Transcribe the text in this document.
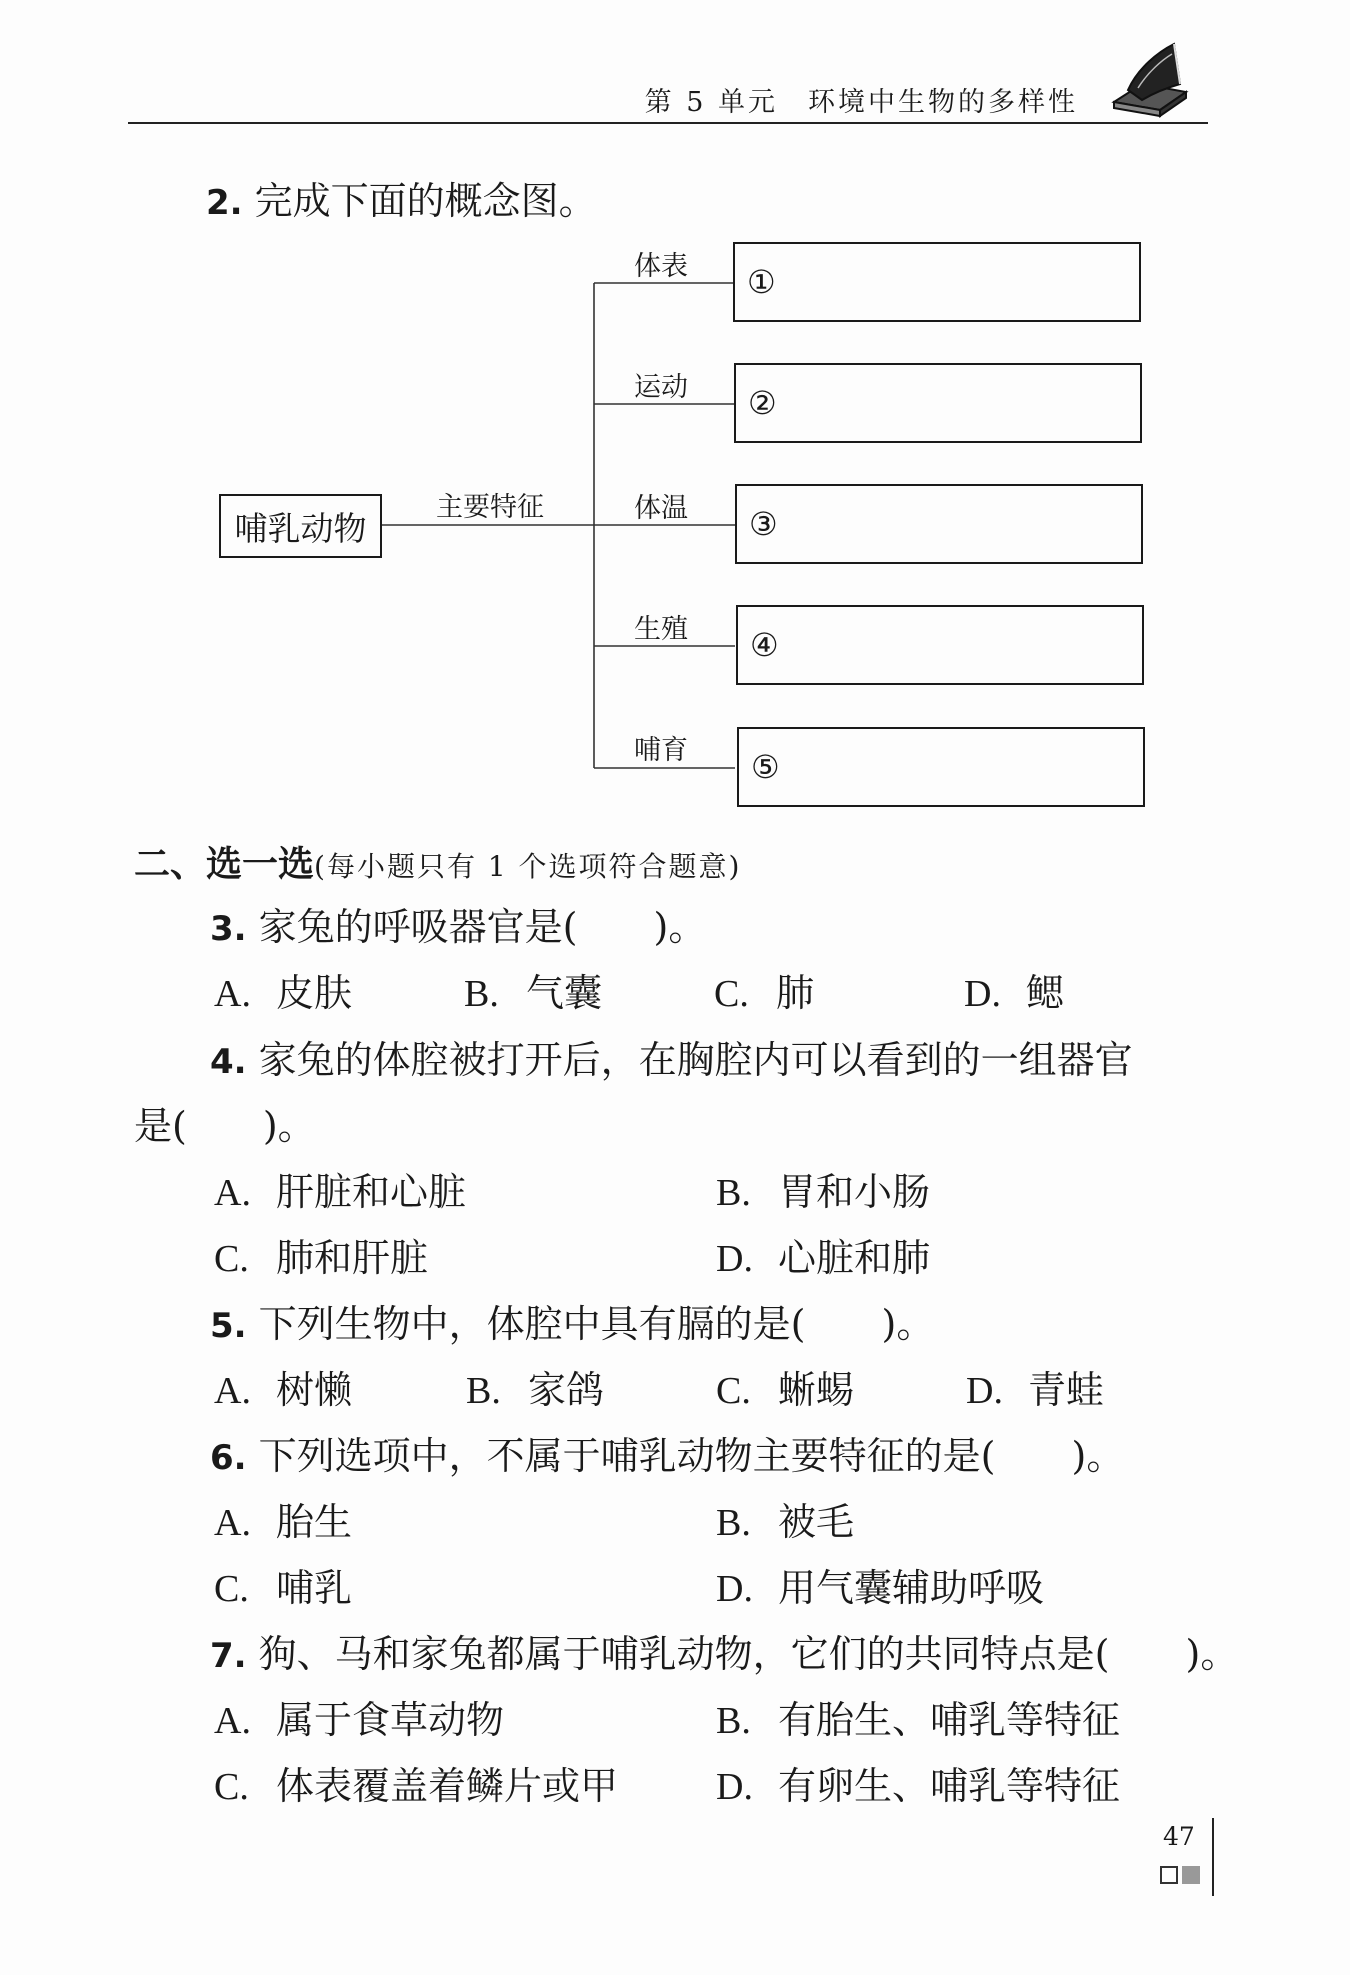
第 5 单元 环境中生物的多样性
2. 完成下面的概念图。
哺乳动物
主要特征
体表 ①
运动 ②
体温 ③
生殖 ④
哺育 ⑤
二、选一选(每小题只有 1 个选项符合题意)
3. 家兔的呼吸器官是(　　)。
A. 皮肤	B. 气囊	C. 肺	D. 鳃
4. 家兔的体腔被打开后，在胸腔内可以看到的一组器官
是(　　)。
A. 肝脏和心脏	B. 胃和小肠
C. 肺和肝脏	D. 心脏和肺
5. 下列生物中，体腔中具有膈的是(　　)。
A. 树懒	B. 家鸽	C. 蜥蜴	D. 青蛙
6. 下列选项中，不属于哺乳动物主要特征的是(　　)。
A. 胎生	B. 被毛
C. 哺乳	D. 用气囊辅助呼吸
7. 狗、马和家兔都属于哺乳动物，它们的共同特点是(　　)。
A. 属于食草动物	B. 有胎生、哺乳等特征
C. 体表覆盖着鳞片或甲	D. 有卵生、哺乳等特征
47
